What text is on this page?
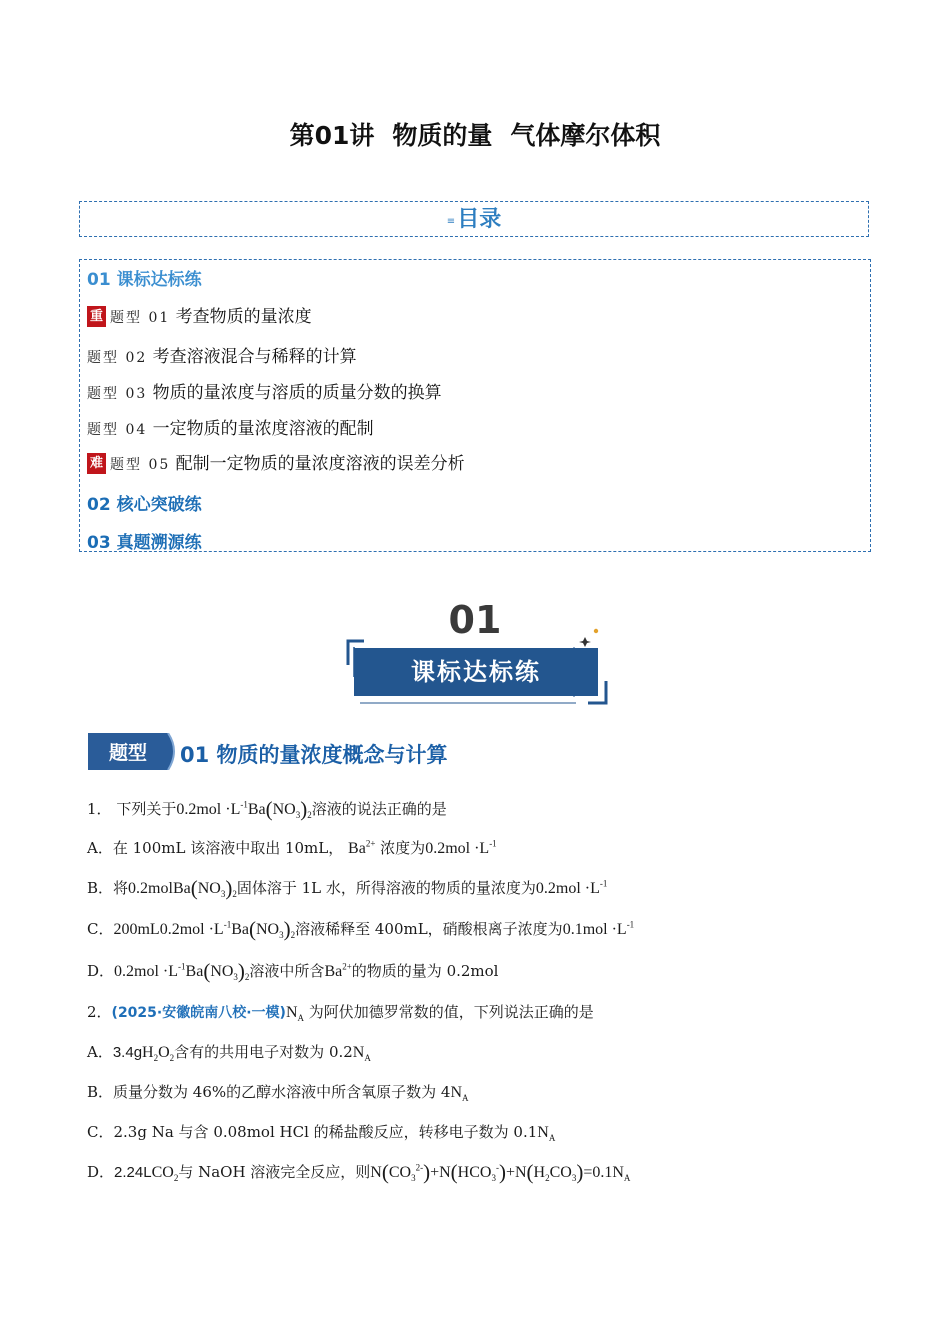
第01讲 物质的量 气体摩尔体积
≡目录
01 课标达标练
重 题型 01 考查物质的量浓度
题型 02 考查溶液混合与稀释的计算
题型 03 物质的量浓度与溶质的质量分数的换算
题型 04 一定物质的量浓度溶液的配制
难 题型 05 配制一定物质的量浓度溶液的误差分析
02 核心突破练
03 真题溯源练
01
课标达标练
题型 01 物质的量浓度概念与计算
1． 下列关于$0.2mol \cdot L^{-1}Ba(NO_3)_2$溶液的说法正确的是
A．在 100mL 该溶液中取出 10mL， $Ba^{2+}$ 浓度为$0.2mol \cdot L^{-1}$
B．将$0.2molBa(NO_3)_2$固体溶于 1L 水，所得溶液的物质的量浓度为$0.2mol \cdot L^{-1}$
C．$200mL0.2mol \cdot L^{-1}Ba(NO_3)_2$溶液稀释至 400mL，硝酸根离子浓度为$0.1mol \cdot L^{-1}$
D．$0.2mol \cdot L^{-1}Ba(NO_3)_2$溶液中所含$Ba^{2+}$的物质的量为 0.2mol
2．(2025·安徽皖南八校·一模)$N_A$ 为阿伏加德罗常数的值，下列说法正确的是
A．$3.4gH_2O_2$含有的共用电子对数为 $0.2N_A$
B．质量分数为 46%的乙醇水溶液中所含氧原子数为 $4N_A$
C．2.3g Na 与含 0.08mol HCl 的稀盐酸反应，转移电子数为 $0.1N_A$
D．$2.24LCO_2$与 NaOH 溶液完全反应，则$N(CO_3^{2-})+N(HCO_3^-)+N(H_2CO_3)=0.1N_A$
